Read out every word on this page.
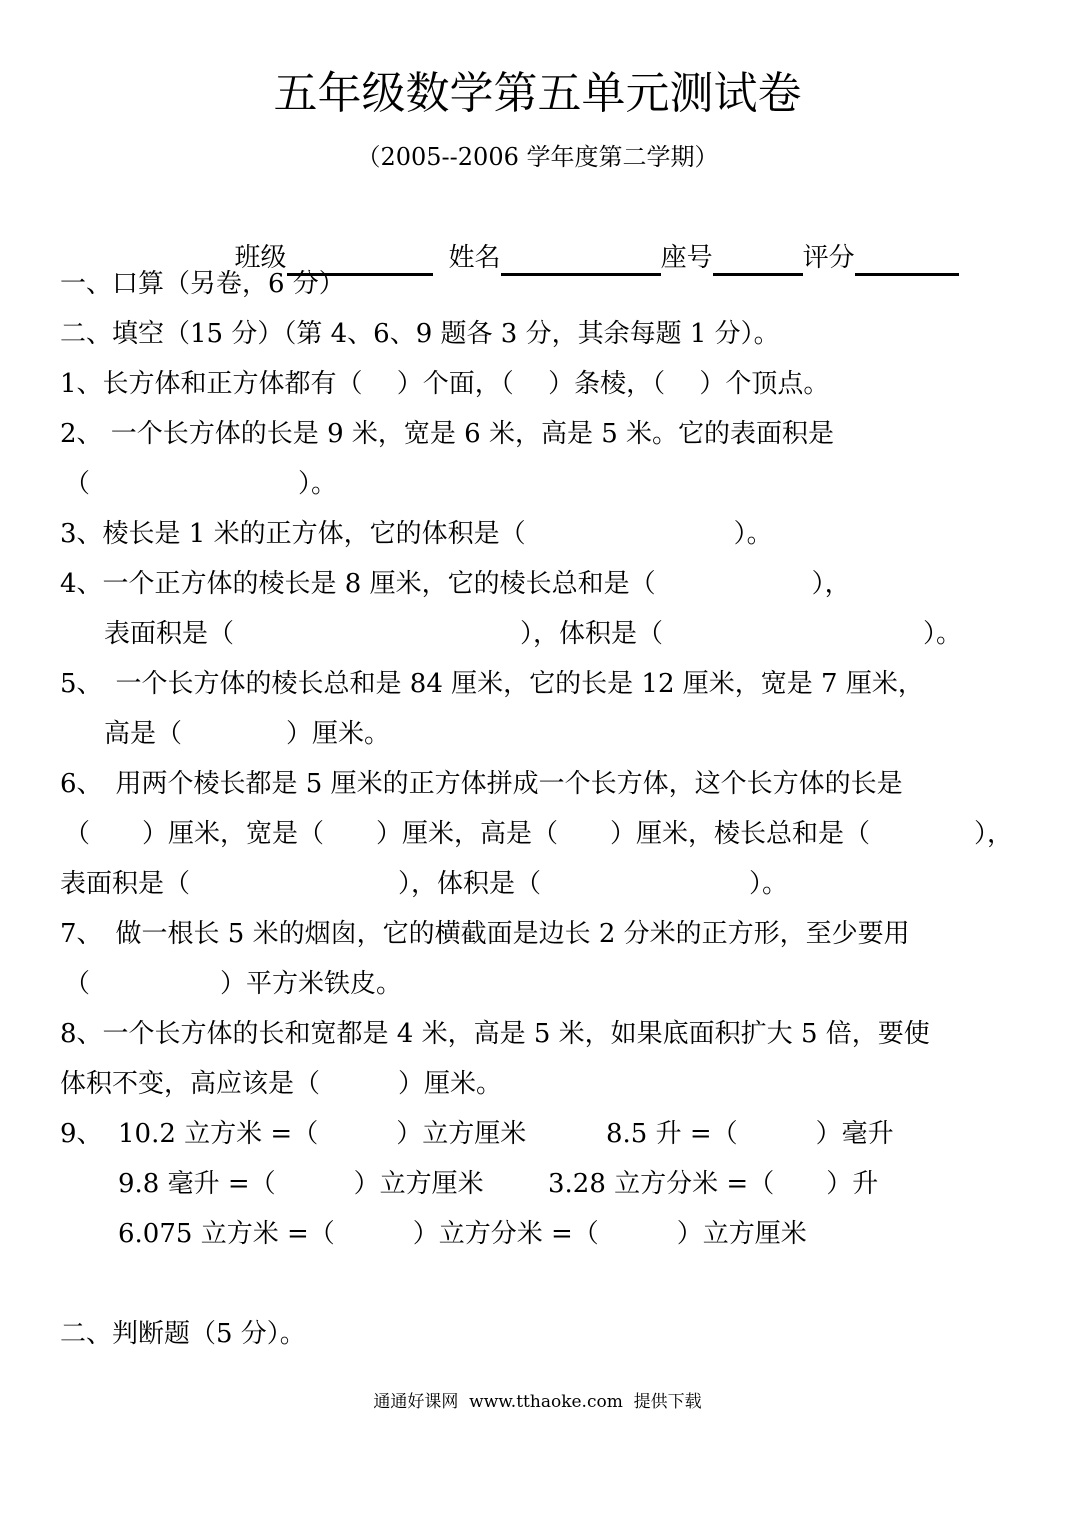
五年级数学第五单元测试卷
（2005--2006 学年度第二学期）

班级	姓名	座号	评分

一、口算（另卷，6 分）
二、填空（15 分）（第 4、6、9 题各 3 分，其余每题 1 分）。
1、长方体和正方体都有（　 ）个面，（　 ）条棱，（　 ）个顶点。
2、 一个长方体的长是 9 米，宽是 6 米，高是 5 米。它的表面积是
（　　　　　　　　）。
3、棱长是 1 米的正方体，它的体积是（　　　　　　　　）。
4、一个正方体的棱长是 8 厘米，它的棱长总和是（　　　　　　），
表面积是（　　　　　　　　　　　），体积是（　　　　　　　　　　）。
5、　一个长方体的棱长总和是 84 厘米，它的长是 12 厘米，宽是 7 厘米，
高是（　　　　）厘米。
6、　用两个棱长都是 5 厘米的正方体拼成一个长方体，这个长方体的长是
（　　）厘米，宽是（　　）厘米，高是（　　）厘米，棱长总和是（　　　　），
表面积是（　　　　　　　　），体积是（　　　　　　　　）。
7、　做一根长 5 米的烟囱，它的横截面是边长 2 分米的正方形，至少要用
（　　　　　）平方米铁皮。
8、一个长方体的长和宽都是 4 米，高是 5 米，如果底面积扩大 5 倍，要使
体积不变，高应该是（　　　）厘米。
9、 10.2 立方米 =（　　　）立方厘米	8.5 升 =（　　　）毫升
9.8 毫升 =（　　　）立方厘米 3.28 立方分米 =（　　）升
6.075 立方米 =（　　　）立方分米 =（　　　）立方厘米
二、判断题（5 分）。
通通好课网  www.tthaoke.com  提供下载
